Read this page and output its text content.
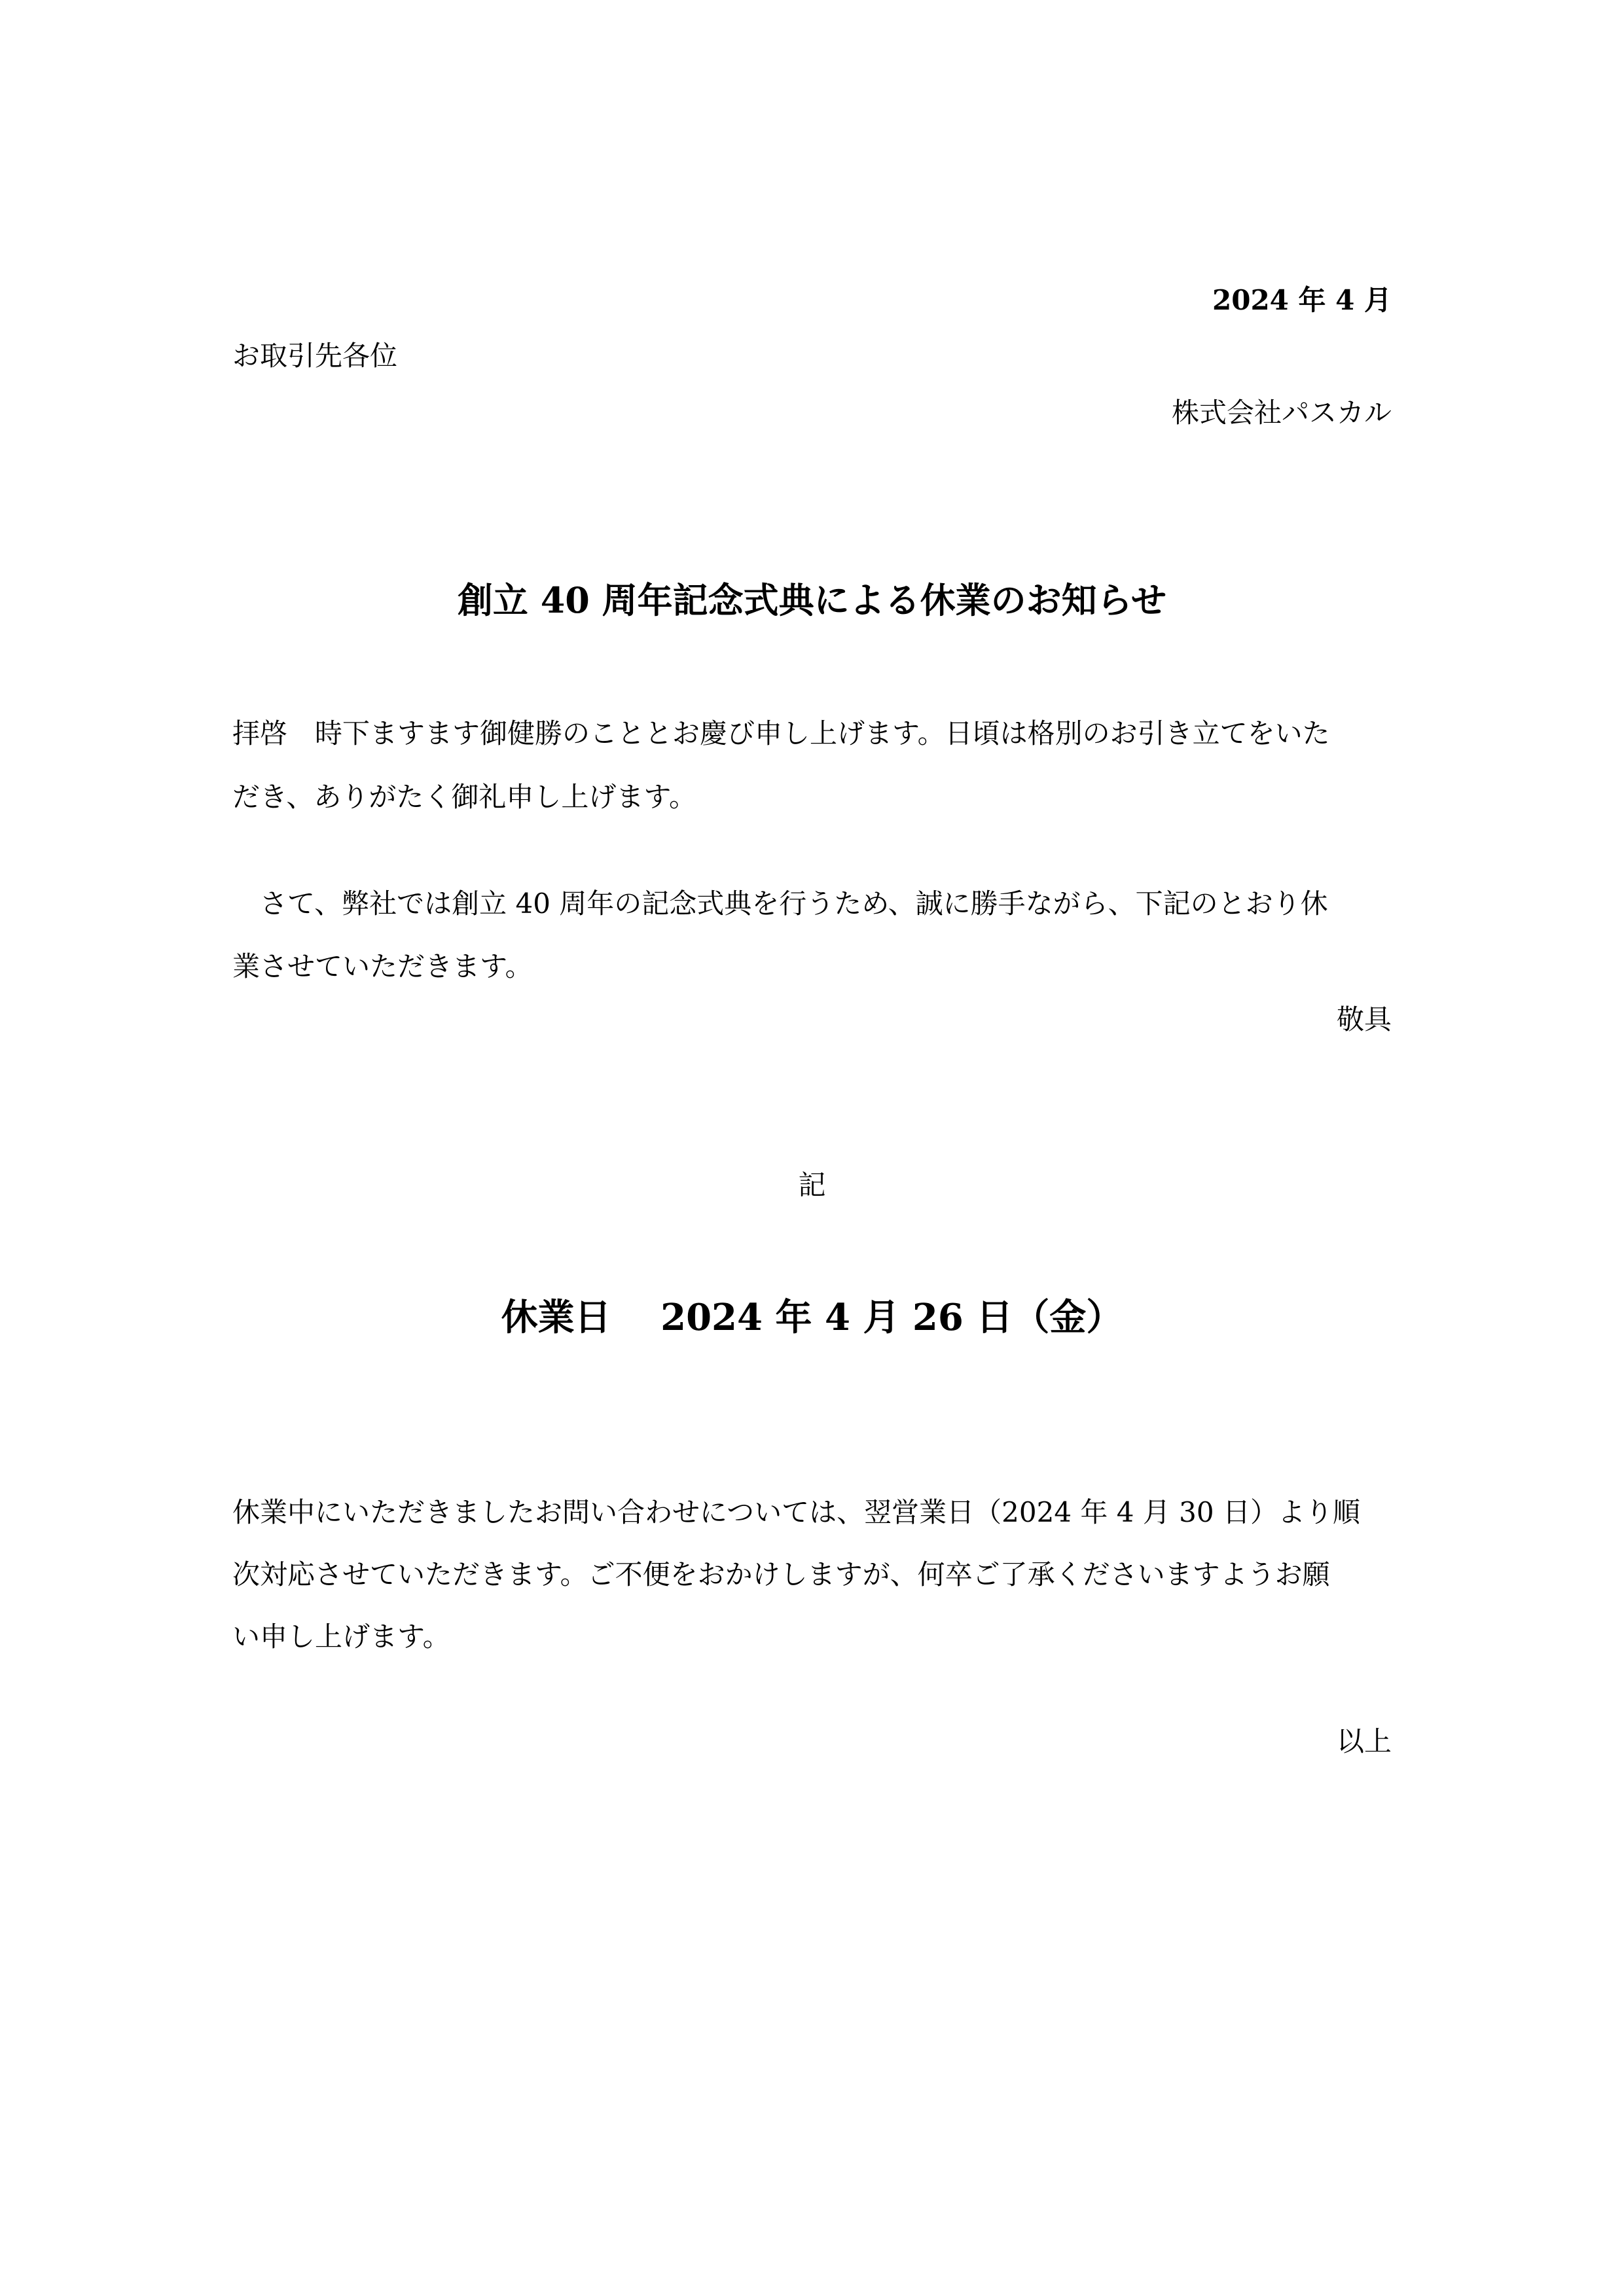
2024 年 4 月
お取引先各位
株式会社パスカル
創立 40 周年記念式典による休業のお知らせ
拝啓　時下ますます御健勝のこととお慶び申し上げます。日頃は格別のお引き立てをいた
だき、ありがたく御礼申し上げます。
　さて、弊社では創立 40 周年の記念式典を行うため、誠に勝手ながら、下記のとおり休
業させていただきます。
敬具
記
休業日　 2024 年 4 月 26 日（金）
休業中にいただきましたお問い合わせについては、翌営業日（2024 年 4 月 30 日）より順
次対応させていただきます。ご不便をおかけしますが、何卒ご了承くださいますようお願
い申し上げます。
以上
